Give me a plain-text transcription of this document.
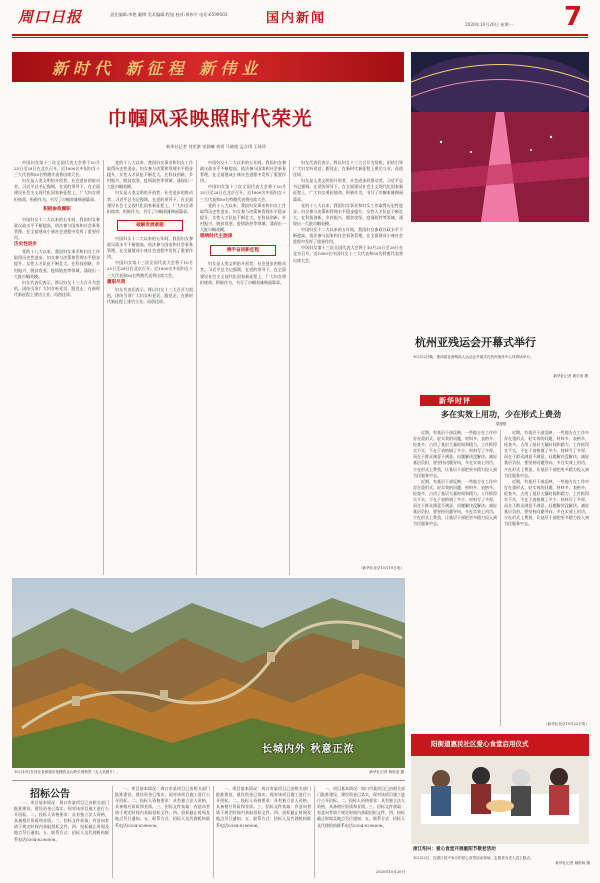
周口日报	责任编辑:李艳 戴博 美术编辑:程旭 校对:邢伟平 电话:6599503	国内新闻	2020年10月20日 星期一	7
新时代 新征程 新伟业
巾帼风采映照时代荣光
新华社记者 刘奕湛 宋晨曦 黄玥 马晓媛 孟含琪 王琦珍

中国妇女第十三次全国代表大会将于10月25日至28日在北京召开。近1800名中国妇女十三大代表和50名特邀代表将出席大会。

妇女是人类文明的开创者、社会进步的推动者。习近平总书记强调，在党的领导下，在全面建设社会主义现代化国家新征程上，广大妇女勇担使命、积极作为，书写了巾帼英雄绚丽篇章。

积极参政履职

中国妇女十二大以来的五年间，我国妇女参政议政水平不断提高，依法参与国家和社会事务管理，在全面建成小康社会进程中发挥了重要作用。

历史性进步

党的十八大以来，我国妇女事业和妇女工作取得历史性进步。妇女参与决策和管理水平稳步提升，女性人才队伍不断壮大，在科技创新、乡村振兴、脱贫攻坚、疫情防控等领域，涌现出一大批巾帼英模。

妇女代表们表示，将以妇女十三大召开为契机，团结引领广大妇女听党话、跟党走，在新时代新征程上建功立业、再创佳绩。

党的十八大以来，我国妇女事业和妇女工作取得历史性进步。妇女参与决策和管理水平稳步提升，女性人才队伍不断壮大，在科技创新、乡村振兴、脱贫攻坚、疫情防控等领域，涌现出一大批巾帼英模。

妇女是人类文明的开创者、社会进步的推动者。习近平总书记强调，在党的领导下，在全面建设社会主义现代化国家新征程上，广大妇女勇担使命、积极作为，书写了巾帼英雄绚丽篇章。

破解发展难题

中国妇女十二大以来的五年间，我国妇女参政议政水平不断提高，依法参与国家和社会事务管理，在全面建成小康社会进程中发挥了重要作用。

中国妇女第十三次全国代表大会将于10月25日至28日在北京召开。近1800名中国妇女十三大代表和50名特邀代表将出席大会。

履职尽责

妇女代表们表示，将以妇女十三大召开为契机，团结引领广大妇女听党话、跟党走，在新时代新征程上建功立业、再创佳绩。

中国妇女十二大以来的五年间，我国妇女参政议政水平不断提高，依法参与国家和社会事务管理，在全面建成小康社会进程中发挥了重要作用。

中国妇女第十三次全国代表大会将于10月25日至28日在北京召开。近1800名中国妇女十三大代表和50名特邀代表将出席大会。

党的十八大以来，我国妇女事业和妇女工作取得历史性进步。妇女参与决策和管理水平稳步提升，女性人才队伍不断壮大，在科技创新、乡村振兴、脱贫攻坚、疫情防控等领域，涌现出一大批巾帼英模。

唱响时代主旋律
携手奋进新征程

妇女是人类文明的开创者、社会进步的推动者。习近平总书记强调，在党的领导下，在全面建设社会主义现代化国家新征程上，广大妇女勇担使命、积极作为，书写了巾帼英雄绚丽篇章。

妇女代表们表示，将以妇女十三大召开为契机，团结引领广大妇女听党话、跟党走，在新时代新征程上建功立业、再创佳绩。

妇女是人类文明的开创者、社会进步的推动者。习近平总书记强调，在党的领导下，在全面建设社会主义现代化国家新征程上，广大妇女勇担使命、积极作为，书写了巾帼英雄绚丽篇章。

党的十八大以来，我国妇女事业和妇女工作取得历史性进步。妇女参与决策和管理水平稳步提升，女性人才队伍不断壮大，在科技创新、乡村振兴、脱贫攻坚、疫情防控等领域，涌现出一大批巾帼英模。

中国妇女十二大以来的五年间，我国妇女参政议政水平不断提高，依法参与国家和社会事务管理，在全面建成小康社会进程中发挥了重要作用。

中国妇女第十三次全国代表大会将于10月25日至28日在北京召开。近1800名中国妇女十三大代表和50名特邀代表将出席大会。

（新华社北京10月19日电）
长城内外 秋意正浓
10月19日在河北省承德市拍摄的金山岭长城秋景（无人机照片）。	新华社记者 杨世尧 摄
杭州亚残运会开幕式举行
10月22日晚，第四届亚洲残疾人运动会开幕式在杭州奥体中心体育场举行。
新华社记者 黄宗治 摄
新华时评
多在实效上用功，少在形式上费劲
梁建强

近期，有基层干部反映，一些地方在工作中存在重形式、轻实效的问题，材料多、表格多、检查多，占用了基层大量时间和精力。工作抓得实不实，不在于表格填了多少、材料写了多厚，而在于群众满意不满意、问题解决没解决。减轻基层负担，要坚持问题导向，多在实效上用功，少在形式上费劲，让基层干部把更多精力投入到为民服务中去。

近期，有基层干部反映，一些地方在工作中存在重形式、轻实效的问题，材料多、表格多、检查多，占用了基层大量时间和精力。工作抓得实不实，不在于表格填了多少、材料写了多厚，而在于群众满意不满意、问题解决没解决。减轻基层负担，要坚持问题导向，多在实效上用功，少在形式上费劲，让基层干部把更多精力投入到为民服务中去。

近期，有基层干部反映，一些地方在工作中存在重形式、轻实效的问题，材料多、表格多、检查多，占用了基层大量时间和精力。工作抓得实不实，不在于表格填了多少、材料写了多厚，而在于群众满意不满意、问题解决没解决。减轻基层负担，要坚持问题导向，多在实效上用功，少在形式上费劲，让基层干部把更多精力投入到为民服务中去。

近期，有基层干部反映，一些地方在工作中存在重形式、轻实效的问题，材料多、表格多、检查多，占用了基层大量时间和精力。工作抓得实不实，不在于表格填了多少、材料写了多厚，而在于群众满意不满意、问题解决没解决。减轻基层负担，要坚持问题导向，多在实效上用功，少在形式上费劲，让基层干部把更多精力投入到为民服务中去。

（新华社北京10月22日电）
阳街道惠民社区爱心食堂启用仪式
浙江绍兴：爱心食堂开展重阳节敬老活动
10月22日，在浙江绍兴举办的爱心食堂活动现场，志愿者为老人送上糕点。
新华社记者 翁忻旸 摄
招标公告

一、项目基本情况：周口市某项目已由相关部门批准建设，建设资金已落实，现对该项目施工进行公开招标。二、投标人资格要求：具有独立法人资格，具备相应资质和业绩。三、招标文件获取：有意向者请于规定时间内获取招标文件。四、投标截止时间及地点另行通知。五、联系方式：招标人及代理机构联系电话0394-8296006。

一、项目基本情况：周口市某项目已由相关部门批准建设，建设资金已落实，现对该项目施工进行公开招标。二、投标人资格要求：具有独立法人资格，具备相应资质和业绩。三、招标文件获取：有意向者请于规定时间内获取招标文件。四、投标截止时间及地点另行通知。五、联系方式：招标人及代理机构联系电话0394-8296006。

一、项目基本情况：周口市某项目已由相关部门批准建设，建设资金已落实，现对该项目施工进行公开招标。二、投标人资格要求：具有独立法人资格，具备相应资质和业绩。三、招标文件获取：有意向者请于规定时间内获取招标文件。四、投标截止时间及地点另行通知。五、联系方式：招标人及代理机构联系电话0394-8296006。

一、项目基本情况：周口市某项目已由相关部门批准建设，建设资金已落实，现对该项目施工进行公开招标。二、投标人资格要求：具有独立法人资格，具备相应资质和业绩。三、招标文件获取：有意向者请于规定时间内获取招标文件。四、投标截止时间及地点另行通知。五、联系方式：招标人及代理机构联系电话0394-8296006。

2020年10月20日
